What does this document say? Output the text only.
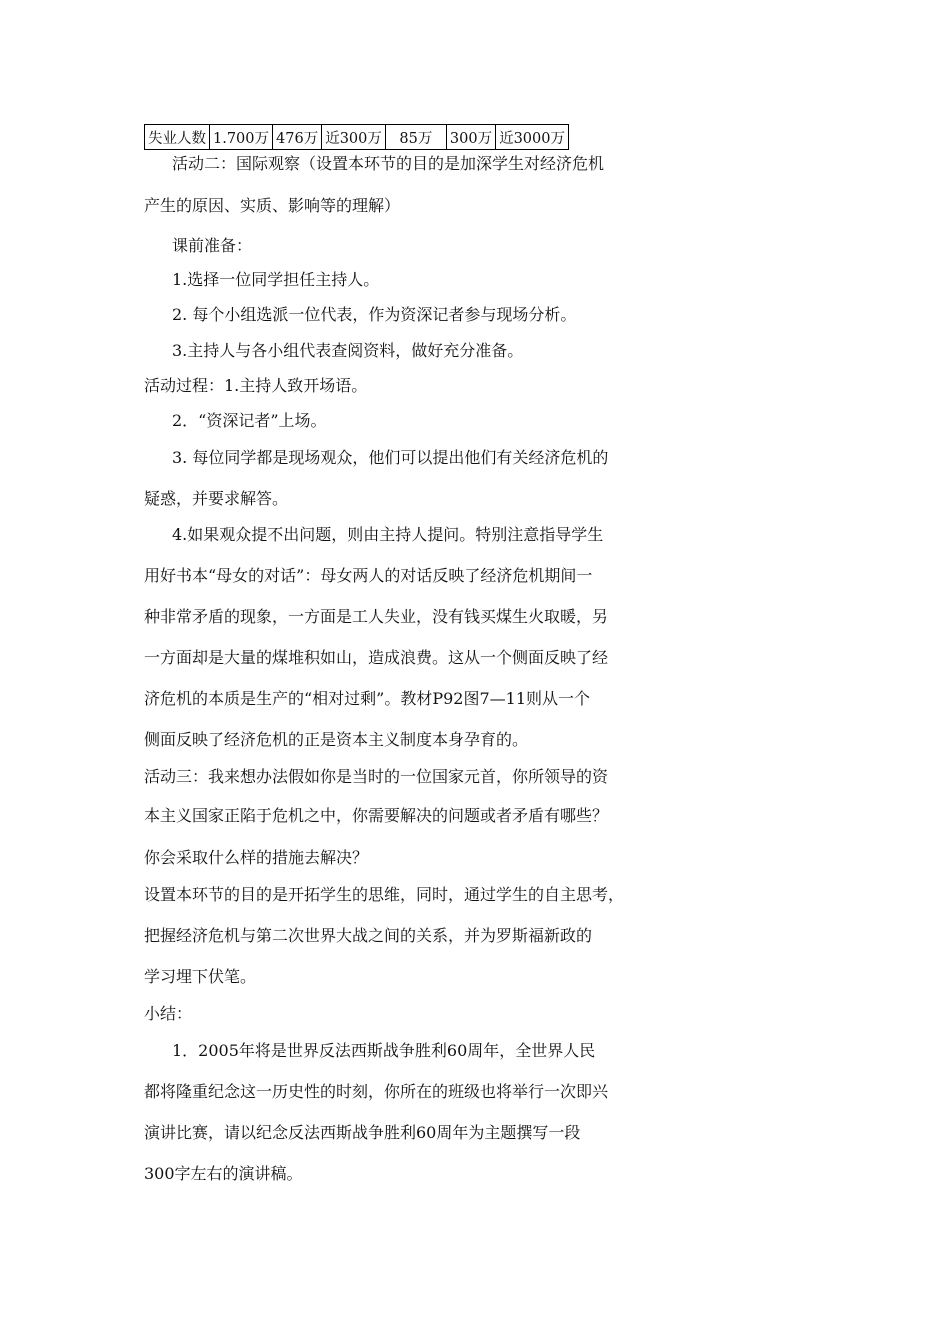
失业人数	1.700万	476万	近300万	85万	300万	近3000万
活动二：国际观察（设置本环节的目的是加深学生对经济危机
产生的原因、实质、影响等的理解）
课前准备：
1.选择一位同学担任主持人。
2. 每个小组选派一位代表，作为资深记者参与现场分析。
3.主持人与各小组代表查阅资料，做好充分准备。
活动过程：1.主持人致开场语。
2．“资深记者”上场。
3. 每位同学都是现场观众，他们可以提出他们有关经济危机的
疑惑，并要求解答。
4.如果观众提不出问题，则由主持人提问。特别注意指导学生
用好书本“母女的对话”：母女两人的对话反映了经济危机期间一
种非常矛盾的现象，一方面是工人失业，没有钱买煤生火取暖，另
一方面却是大量的煤堆积如山，造成浪费。这从一个侧面反映了经
济危机的本质是生产的“相对过剩”。教材P92图7—11则从一个
侧面反映了经济危机的正是资本主义制度本身孕育的。
活动三：我来想办法假如你是当时的一位国家元首，你所领导的资
本主义国家正陷于危机之中，你需要解决的问题或者矛盾有哪些？
你会采取什么样的措施去解决？
设置本环节的目的是开拓学生的思维，同时，通过学生的自主思考，
把握经济危机与第二次世界大战之间的关系，并为罗斯福新政的
学习埋下伏笔。
小结：
1．2005年将是世界反法西斯战争胜利60周年，全世界人民
都将隆重纪念这一历史性的时刻，你所在的班级也将举行一次即兴
演讲比赛，请以纪念反法西斯战争胜利60周年为主题撰写一段
300字左右的演讲稿。
